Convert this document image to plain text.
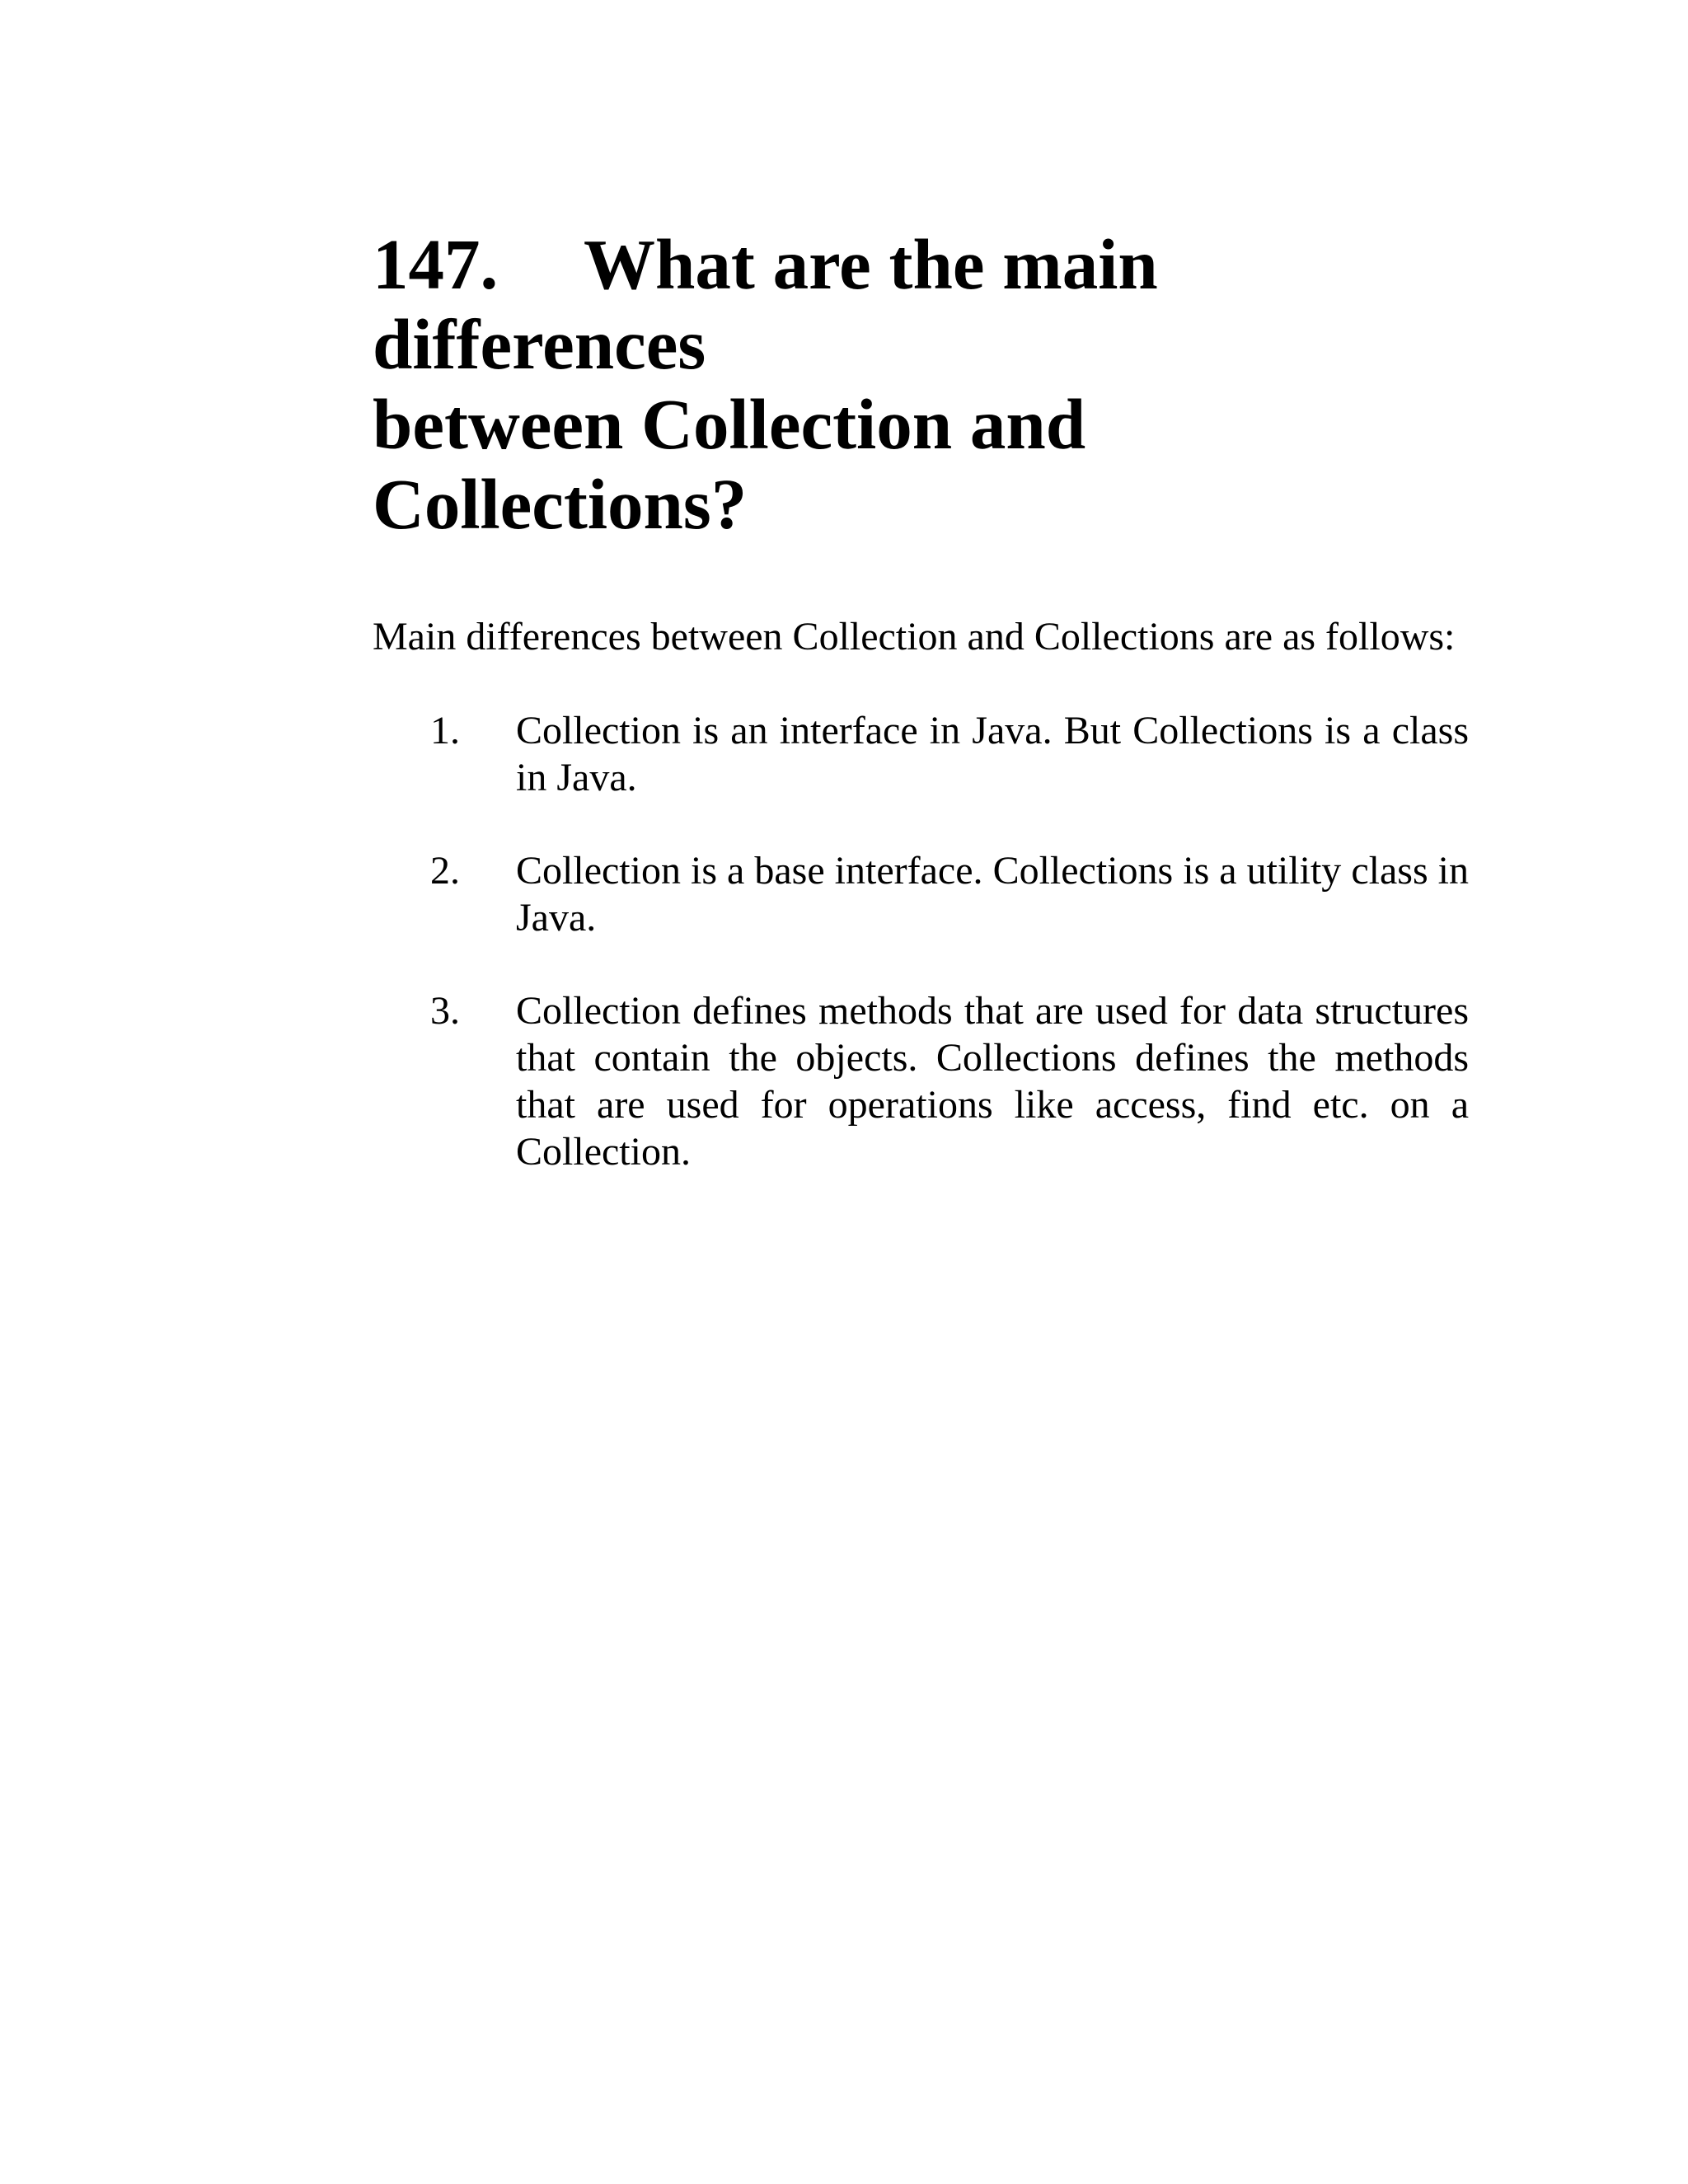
147. What are the main differences
between Collection and Collections?

Main differences between Collection and Collections are as follows:

1. Collection is an interface in Java. But Collections is a class in Java.
2. Collection is a base interface. Collections is a utility class in Java.
3. Collection defines methods that are used for data structures that contain the objects. Collections defines the methods that are used for operations like access, find etc. on a Collection.
